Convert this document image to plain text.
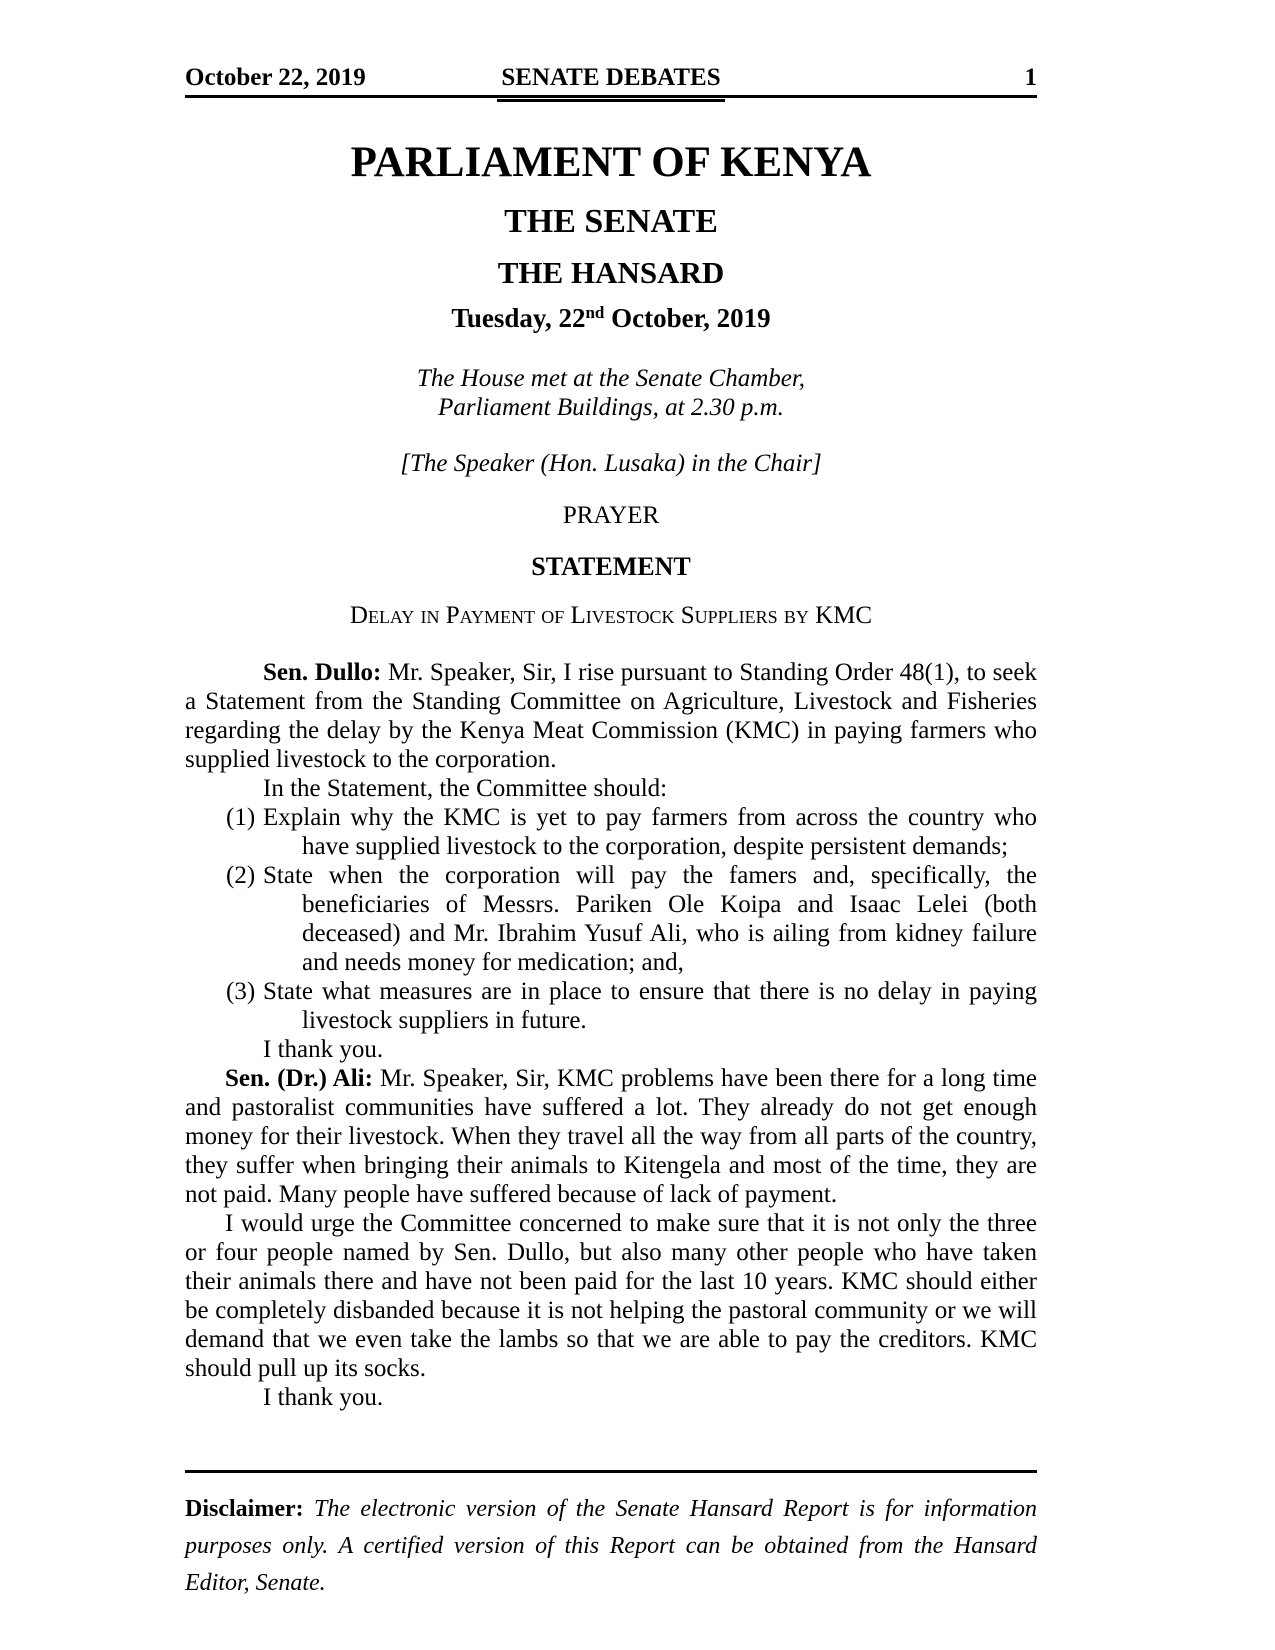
October 22, 2019	SENATE DEBATES	1
PARLIAMENT OF KENYA
THE SENATE
THE HANSARD
Tuesday, 22nd October, 2019
The House met at the Senate Chamber,
Parliament Buildings, at 2.30 p.m.
[The Speaker (Hon. Lusaka) in the Chair]
PRAYER
STATEMENT
Delay in Payment of Livestock Suppliers by KMC

Sen. Dullo: Mr. Speaker, Sir, I rise pursuant to Standing Order 48(1), to seek a Statement from the Standing Committee on Agriculture, Livestock and Fisheries regarding the delay by the Kenya Meat Commission (KMC) in paying farmers who supplied livestock to the corporation.

In the Statement, the Committee should:

(1) Explain why the KMC is yet to pay farmers from across the country who have supplied livestock to the corporation, despite persistent demands;
(2) State when the corporation will pay the famers and, specifically, the beneficiaries of Messrs. Pariken Ole Koipa and Isaac Lelei (both deceased) and Mr. Ibrahim Yusuf Ali, who is ailing from kidney failure and needs money for medication; and,
(3) State what measures are in place to ensure that there is no delay in paying livestock suppliers in future.

I thank you.

Sen. (Dr.) Ali: Mr. Speaker, Sir, KMC problems have been there for a long time and pastoralist communities have suffered a lot. They already do not get enough money for their livestock. When they travel all the way from all parts of the country, they suffer when bringing their animals to Kitengela and most of the time, they are not paid. Many people have suffered because of lack of payment.

I would urge the Committee concerned to make sure that it is not only the three or four people named by Sen. Dullo, but also many other people who have taken their animals there and have not been paid for the last 10 years. KMC should either be completely disbanded because it is not helping the pastoral community or we will demand that we even take the lambs so that we are able to pay the creditors. KMC should pull up its socks.

I thank you.

Disclaimer: The electronic version of the Senate Hansard Report is for information purposes only. A certified version of this Report can be obtained from the Hansard Editor, Senate.
